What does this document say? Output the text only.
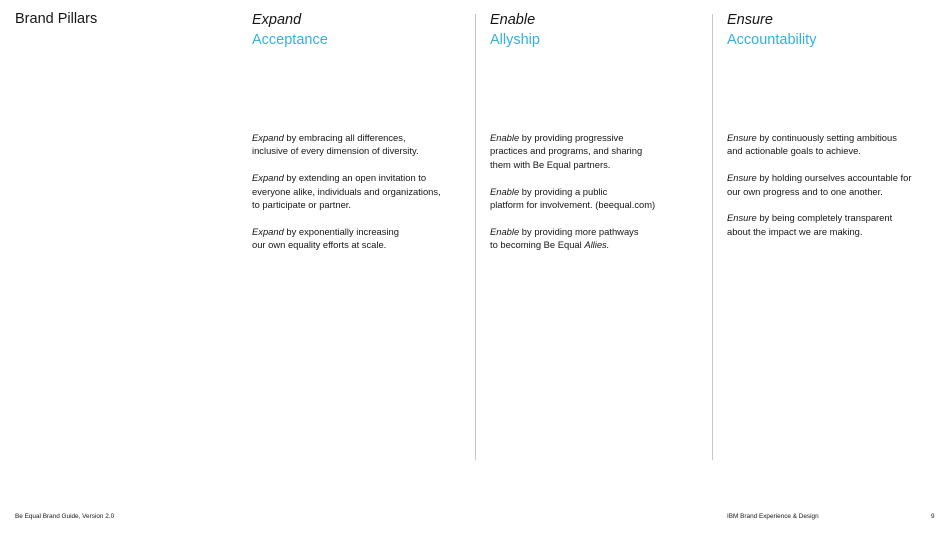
Brand Pillars	Expand
Acceptance

Expand by embracing all differences,
inclusive of every dimension of diversity.

Expand by extending an open invitation to
everyone alike, individuals and organizations,
to participate or partner.

Expand by exponentially increasing
our own equality efforts at scale.

Enable
Allyship

Enable by providing progressive
practices and programs, and sharing
them with Be Equal partners.

Enable by providing a public
platform for involvement. (beequal.com)

Enable by providing more pathways
to becoming Be Equal Allies.

Ensure
Accountability

Ensure by continuously setting ambitious
and actionable goals to achieve.

Ensure by holding ourselves accountable for
our own progress and to one another.

Ensure by being completely transparent
about the impact we are making.

Be Equal Brand Guide, Version 2.0	IBM Brand Experience & Design	9
